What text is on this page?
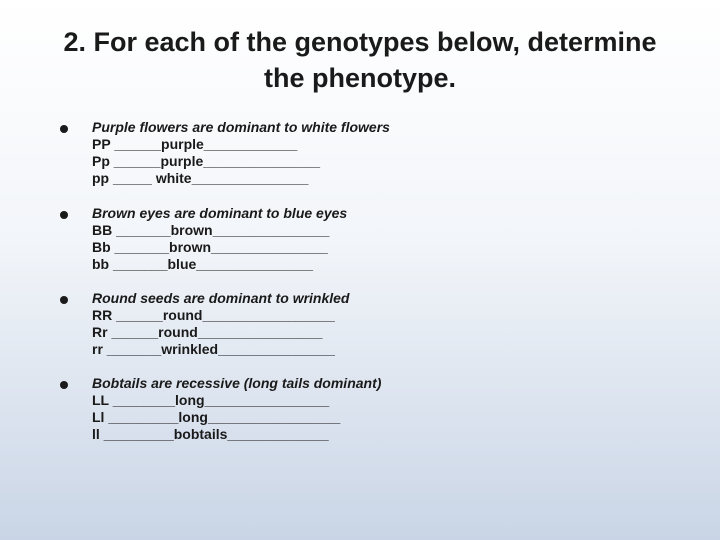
2. For each of the genotypes below, determine the phenotype.
Purple flowers are dominant to white flowers
PP ______purple____________
Pp ______purple_______________
pp _____ white_______________
Brown eyes are dominant to blue eyes
BB _______brown_______________
Bb _______brown_______________
bb _______blue_______________
Round seeds are dominant to wrinkled
RR ______round_________________
Rr ______round________________
rr _______wrinkled_______________
Bobtails are recessive (long tails dominant)
LL ________long________________
Ll _________long_________________
ll _________bobtails_____________
